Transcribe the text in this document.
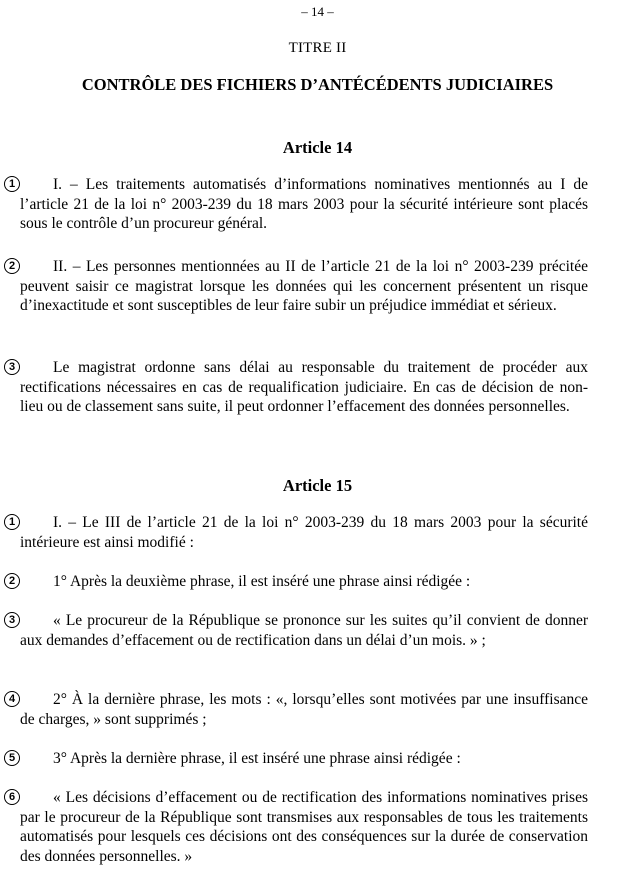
– 14 –
TITRE II
CONTRÔLE DES FICHIERS D’ANTÉCÉDENTS JUDICIAIRES
Article 14
1	I. – Les traitements automatisés d’informations nominatives mentionnés au I de l’article 21 de la loi n° 2003-239 du 18 mars 2003 pour la sécurité intérieure sont placés sous le contrôle d’un procureur général.
2	II. – Les personnes mentionnées au II de l’article 21 de la loi n° 2003-239 précitée peuvent saisir ce magistrat lorsque les données qui les concernent présentent un risque d’inexactitude et sont susceptibles de leur faire subir un préjudice immédiat et sérieux.
3	Le magistrat ordonne sans délai au responsable du traitement de procéder aux rectifications nécessaires en cas de requalification judiciaire. En cas de décision de non-lieu ou de classement sans suite, il peut ordonner l’effacement des données personnelles.
Article 15
1	I. – Le III de l’article 21 de la loi n° 2003-239 du 18 mars 2003 pour la sécurité intérieure est ainsi modifié :
2	1° Après la deuxième phrase, il est inséré une phrase ainsi rédigée :
3	« Le procureur de la République se prononce sur les suites qu’il convient de donner aux demandes d’effacement ou de rectification dans un délai d’un mois. » ;
4	2° À la dernière phrase, les mots : «, lorsqu’elles sont motivées par une insuffisance de charges, » sont supprimés ;
5	3° Après la dernière phrase, il est inséré une phrase ainsi rédigée :
6	« Les décisions d’effacement ou de rectification des informations nominatives prises par le procureur de la République sont transmises aux responsables de tous les traitements automatisés pour lesquels ces décisions ont des conséquences sur la durée de conservation des données personnelles. »
